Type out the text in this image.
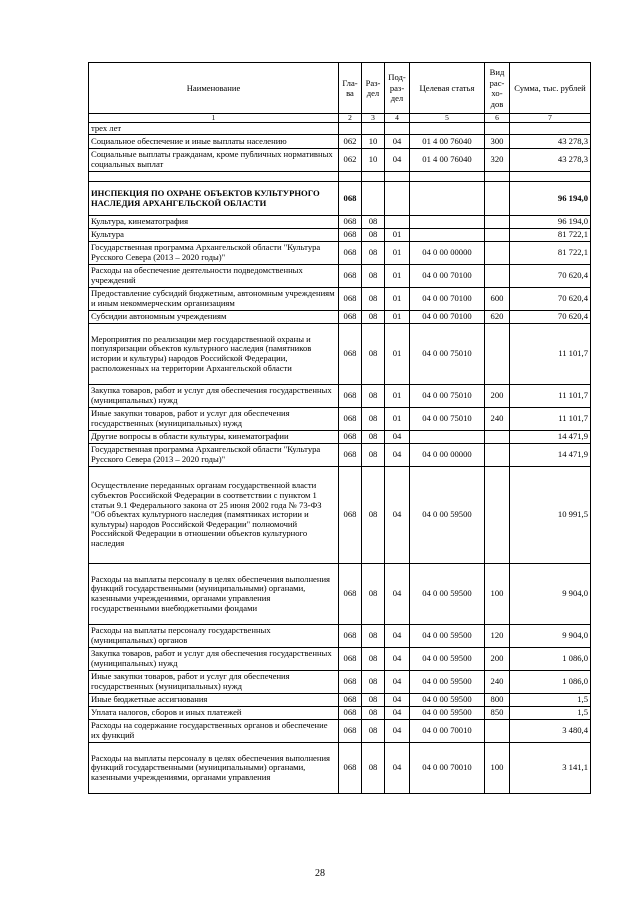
Наименование	Гла-ва	Раз-дел	Под-раз-дел	Целевая статья	Вид рас-хо-дов	Сумма, тыс. рублей
1	2	3	4	5	6	7
трех лет						
Социальное обеспечение и иные выплаты населению	062	10	04	01 4 00 76040	300	43 278,3
Социальные выплаты гражданам, кроме публичных нормативных социальных выплат	062	10	04	01 4 00 76040	320	43 278,3

ИНСПЕКЦИЯ ПО ОХРАНЕ ОБЪЕКТОВ КУЛЬТУРНОГО НАСЛЕДИЯ АРХАНГЕЛЬСКОЙ ОБЛАСТИ	068					96 194,0
Культура, кинематография	068	08				96 194,0
Культура	068	08	01			81 722,1
Государственная программа Архангельской области "Культура Русского Севера (2013 – 2020 годы)"	068	08	01	04 0 00 00000		81 722,1
Расходы на обеспечение деятельности подведомственных учреждений	068	08	01	04 0 00 70100		70 620,4
Предоставление субсидий бюджетным, автономным учреждениям и иным некоммерческим организациям	068	08	01	04 0 00 70100	600	70 620,4
Субсидии автономным учреждениям	068	08	01	04 0 00 70100	620	70 620,4
Мероприятия по реализации мер государственной охраны и популяризации объектов культурного наследия (памятников истории и культуры) народов Российской Федерации, расположенных на территории Архангельской области	068	08	01	04 0 00 75010		11 101,7
Закупка товаров, работ и услуг для обеспечения государственных (муниципальных) нужд	068	08	01	04 0 00 75010	200	11 101,7
Иные закупки товаров, работ и услуг для обеспечения государственных (муниципальных) нужд	068	08	01	04 0 00 75010	240	11 101,7
Другие вопросы в области культуры, кинематографии	068	08	04			14 471,9
Государственная программа Архангельской области "Культура Русского Севера (2013 – 2020 годы)"	068	08	04	04 0 00 00000		14 471,9
Осуществление переданных органам государственной власти субъектов Российской Федерации в соответствии с пунктом 1 статьи 9.1 Федерального закона от 25 июня 2002 года № 73-ФЗ "Об объектах культурного наследия (памятниках истории и культуры) народов Российской Федерации" полномочий Российской Федерации в отношении объектов культурного наследия	068	08	04	04 0 00 59500		10 991,5
Расходы на выплаты персоналу в целях обеспечения выполнения функций государственными (муниципальными) органами, казенными учреждениями, органами управления государственными внебюджетными фондами	068	08	04	04 0 00 59500	100	9 904,0
Расходы на выплаты персоналу государственных (муниципальных) органов	068	08	04	04 0 00 59500	120	9 904,0
Закупка товаров, работ и услуг для обеспечения государственных (муниципальных) нужд	068	08	04	04 0 00 59500	200	1 086,0
Иные закупки товаров, работ и услуг для обеспечения государственных (муниципальных) нужд	068	08	04	04 0 00 59500	240	1 086,0
Иные бюджетные ассигнования	068	08	04	04 0 00 59500	800	1,5
Уплата налогов, сборов и иных платежей	068	08	04	04 0 00 59500	850	1,5
Расходы на содержание государственных органов и обеспечение их функций	068	08	04	04 0 00 70010		3 480,4
Расходы на выплаты персоналу в целях обеспечения выполнения функций государственными (муниципальными) органами, казенными учреждениями, органами управления	068	08	04	04 0 00 70010	100	3 141,1
28
